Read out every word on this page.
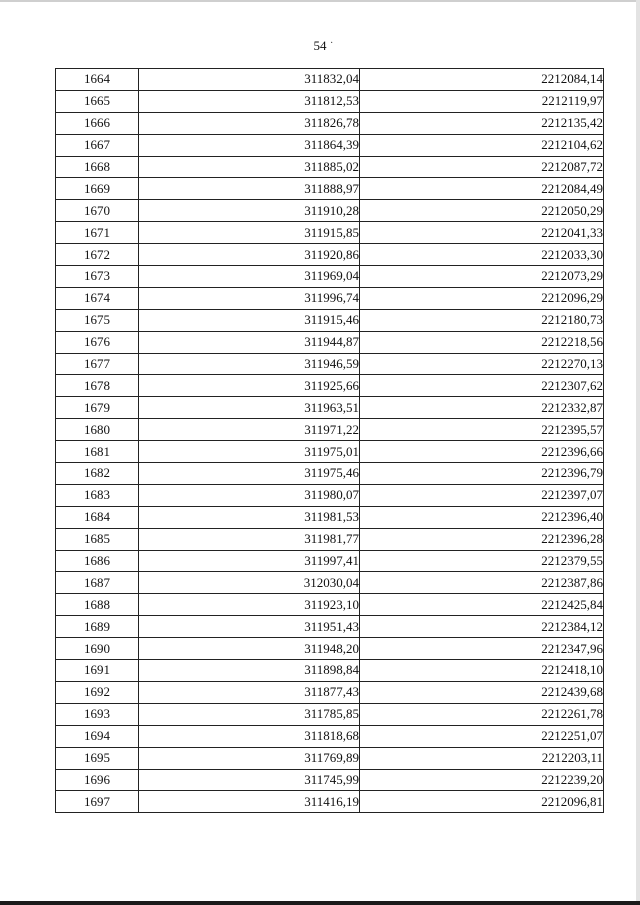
·
54
1664	311832,04	2212084,14
1665	311812,53	2212119,97
1666	311826,78	2212135,42
1667	311864,39	2212104,62
1668	311885,02	2212087,72
1669	311888,97	2212084,49
1670	311910,28	2212050,29
1671	311915,85	2212041,33
1672	311920,86	2212033,30
1673	311969,04	2212073,29
1674	311996,74	2212096,29
1675	311915,46	2212180,73
1676	311944,87	2212218,56
1677	311946,59	2212270,13
1678	311925,66	2212307,62
1679	311963,51	2212332,87
1680	311971,22	2212395,57
1681	311975,01	2212396,66
1682	311975,46	2212396,79
1683	311980,07	2212397,07
1684	311981,53	2212396,40
1685	311981,77	2212396,28
1686	311997,41	2212379,55
1687	312030,04	2212387,86
1688	311923,10	2212425,84
1689	311951,43	2212384,12
1690	311948,20	2212347,96
1691	311898,84	2212418,10
1692	311877,43	2212439,68
1693	311785,85	2212261,78
1694	311818,68	2212251,07
1695	311769,89	2212203,11
1696	311745,99	2212239,20
1697	311416,19	2212096,81
